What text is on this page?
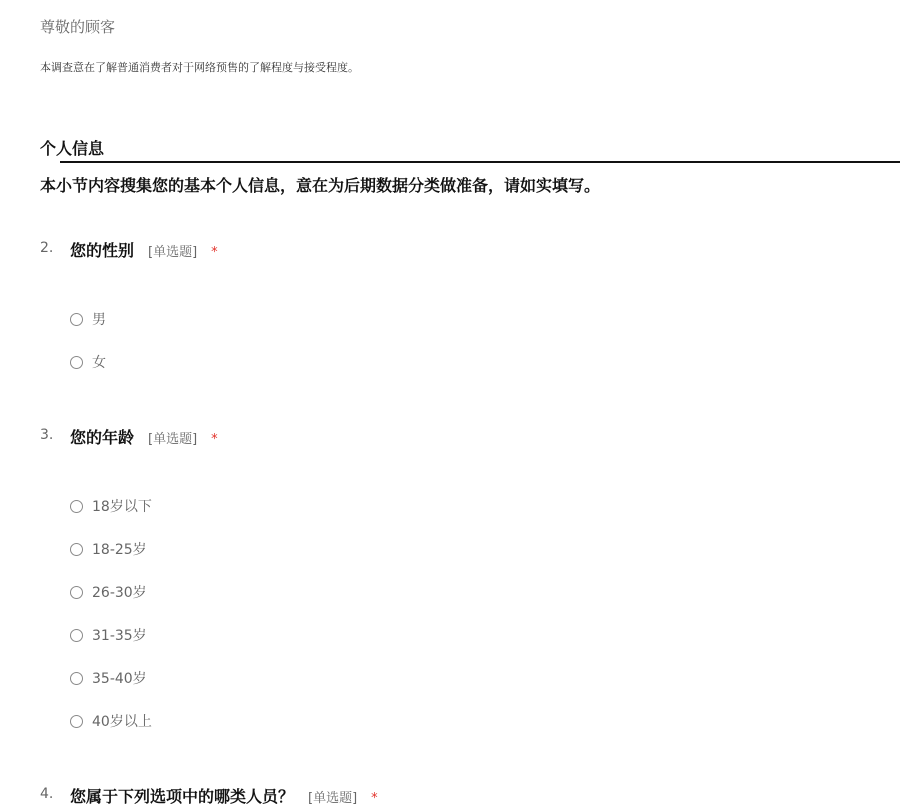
尊敬的顾客
本调查意在了解普通消费者对于网络预售的了解程度与接受程度。
个人信息
本小节内容搜集您的基本个人信息，意在为后期数据分类做准备，请如实填写。
2. 您的性别 [单选题] *
男
女
3. 您的年龄 [单选题] *
18岁以下
18-25岁
26-30岁
31-35岁
35-40岁
40岁以上
4. 您属于下列选项中的哪类人员？ [单选题] *
